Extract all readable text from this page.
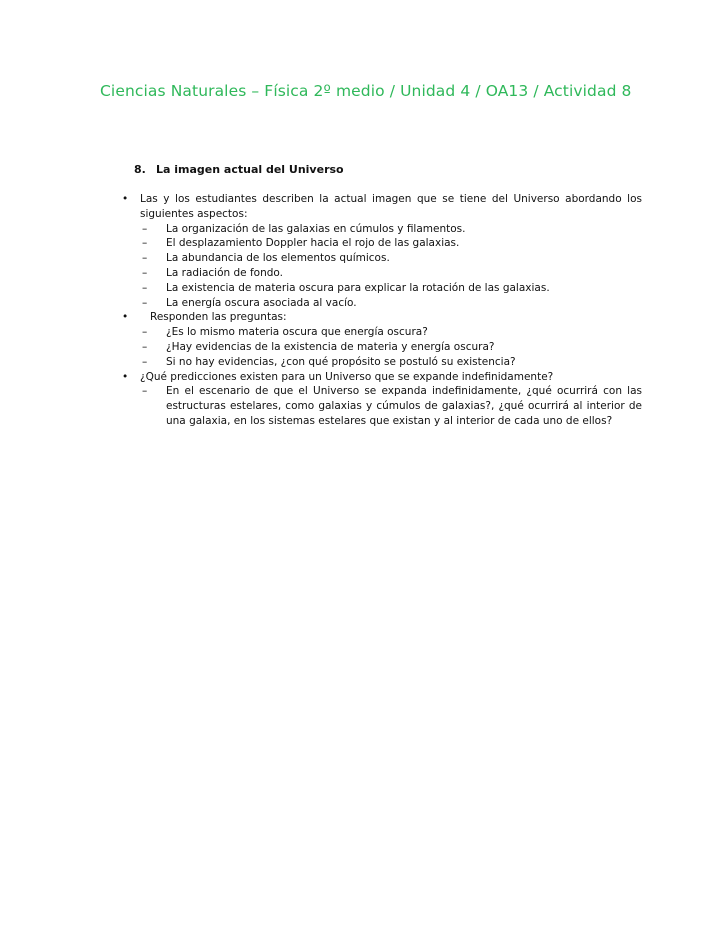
Ciencias Naturales – Física 2º medio / Unidad 4 / OA13 / Actividad 8
8. La imagen actual del Universo
• Las y los estudiantes describen la actual imagen que se tiene del Universo abordando los siguientes aspectos:
– La organización de las galaxias en cúmulos y filamentos.
– El desplazamiento Doppler hacia el rojo de las galaxias.
– La abundancia de los elementos químicos.
– La radiación de fondo.
– La existencia de materia oscura para explicar la rotación de las galaxias.
– La energía oscura asociada al vacío.
•	Responden las preguntas:
– ¿Es lo mismo materia oscura que energía oscura?
– ¿Hay evidencias de la existencia de materia y energía oscura?
– Si no hay evidencias, ¿con qué propósito se postuló su existencia?
• ¿Qué predicciones existen para un Universo que se expande indefinidamente?
– En el escenario de que el Universo se expanda indefinidamente, ¿qué ocurrirá con las estructuras estelares, como galaxias y cúmulos de galaxias?, ¿qué ocurrirá al interior de una galaxia, en los sistemas estelares que existan y al interior de cada uno de ellos?
